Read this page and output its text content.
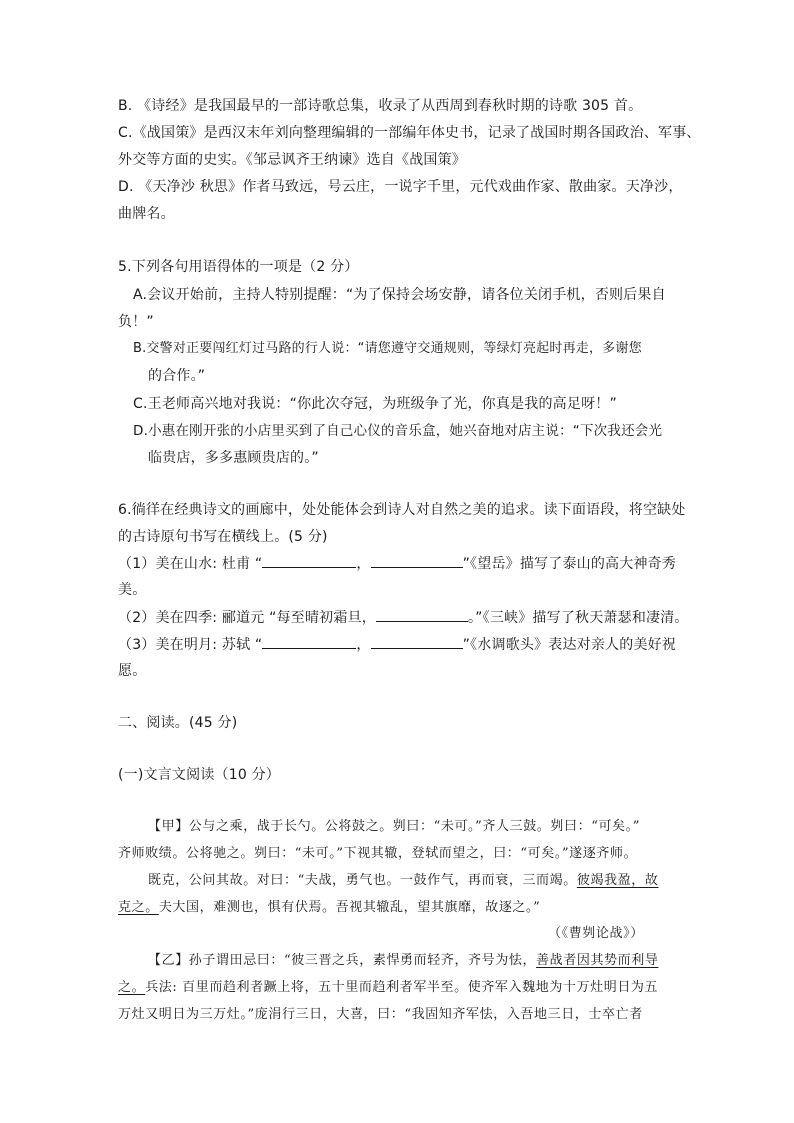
B. 《诗经》是我国最早的一部诗歌总集，收录了从西周到春秋时期的诗歌 305 首。
C.《战国策》是西汉末年刘向整理编辑的一部编年体史书，记录了战国时期各国政治、军事、
外交等方面的史实。《邹忌讽齐王纳谏》选自《战国策》
D. 《天净沙 秋思》作者马致远，号云庄，一说字千里，元代戏曲作家、散曲家。天净沙，
曲牌名。
5.下列各句用语得体的一项是（2 分）
A.会议开始前，主持人特别提醒：“为了保持会场安静，请各位关闭手机，否则后果自
负！”
B.交警对正要闯红灯过马路的行人说：“请您遵守交通规则，等绿灯亮起时再走，多谢您
的合作。”
C.王老师高兴地对我说：“你此次夺冠，为班级争了光，你真是我的高足呀！”
D.小惠在刚开张的小店里买到了自己心仪的音乐盒，她兴奋地对店主说：“下次我还会光
临贵店，多多惠顾贵店的。”
6.徜徉在经典诗文的画廊中，处处能体会到诗人对自然之美的追求。读下面语段，将空缺处
的古诗原句书写在横线上。(5 分)
（1）美在山水: 杜甫 “	，	”《望岳》描写了泰山的高大神奇秀
美。
（2）美在四季: 郦道元 “每至晴初霜旦，	。”《三峡》描写了秋天萧瑟和凄清。
（3）美在明月: 苏轼 “	，	”《水调歌头》表达对亲人的美好祝
愿。
二、阅读。(45 分)
(一)文言文阅读（10 分）
【甲】公与之乘，战于长勺。公将鼓之。刿曰：“未可。”齐人三鼓。刿曰：“可矣。”
齐师败绩。公将驰之。刿曰：“未可。”下视其辙，登轼而望之，曰：“可矣。”遂逐齐师。
既克，公问其故。对曰：“夫战，勇气也。一鼓作气，再而衰，三而竭。彼竭我盈，故
克之。夫大国，难测也，惧有伏焉。吾视其辙乱，望其旗靡，故逐之。”
（《曹刿论战》）
【乙】孙子谓田忌曰：“彼三晋之兵，素悍勇而轻齐，齐号为怯，善战者因其势而利导
之。兵法: 百里而趋利者蹶上将，五十里而趋利者军半至。使齐军入魏地为十万灶明日为五
万灶又明日为三万灶。”庞涓行三日，大喜，曰：“我固知齐军怯，入吾地三日，士卒亡者
